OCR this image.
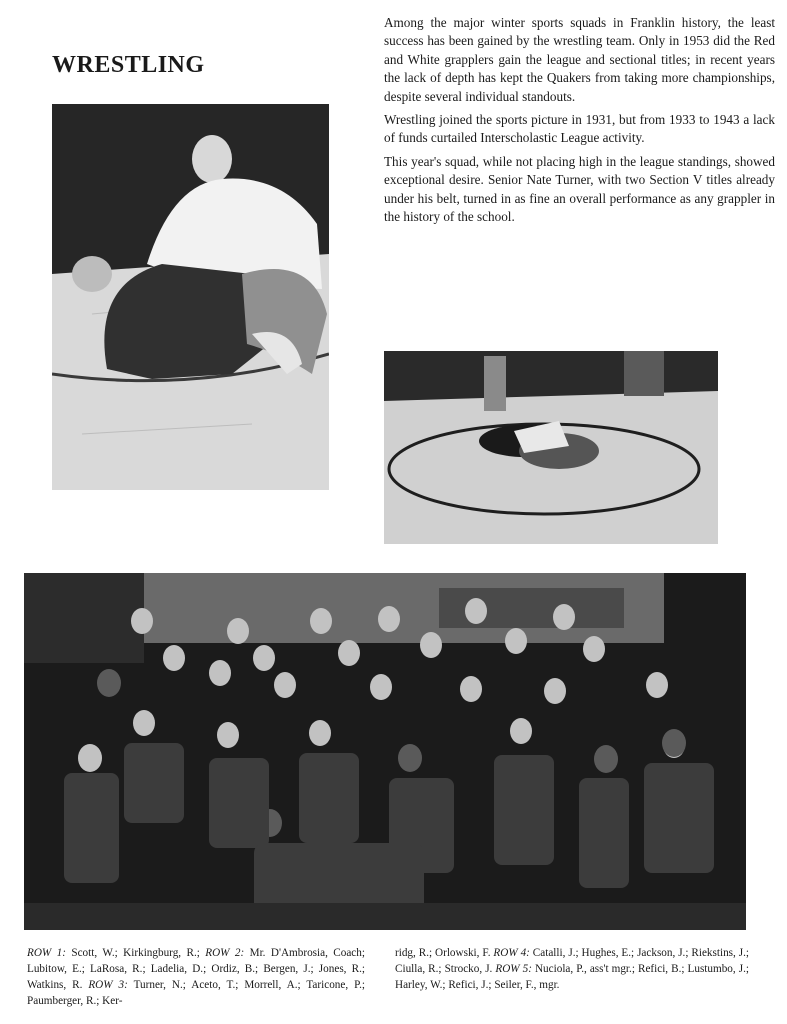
WRESTLING

Among the major winter sports squads in Franklin history, the least success has been gained by the wrestling team. Only in 1953 did the Red and White grapplers gain the league and sectional titles; in recent years the lack of depth has kept the Quakers from taking more championships, despite several individual standouts.

Wrestling joined the sports picture in 1931, but from 1933 to 1943 a lack of funds curtailed Interscholastic League activity.

This year's squad, while not placing high in the league standings, showed exceptional desire. Senior Nate Turner, with two Section V titles already under his belt, turned in as fine an overall performance as any grappler in the history of the school.

ROW 1: Scott, W.; Kirkingburg, R.; ROW 2: Mr. D'Ambrosia, Coach; Lubitow, E.; LaRosa, R.; Ladelia, D.; Ordiz, B.; Bergen, J.; Jones, R.; Watkins, R. ROW 3: Turner, N.; Aceto, T.; Morrell, A.; Taricone, P.; Paumberger, R.; Ker-
ridg, R.; Orlowski, F. ROW 4: Catalli, J.; Hughes, E.; Jackson, J.; Riekstins, J.; Ciulla, R.; Strocko, J. ROW 5: Nuciola, P., ass't mgr.; Refici, B.; Lustumbo, J.; Harley, W.; Refici, J.; Seiler, F., mgr.
